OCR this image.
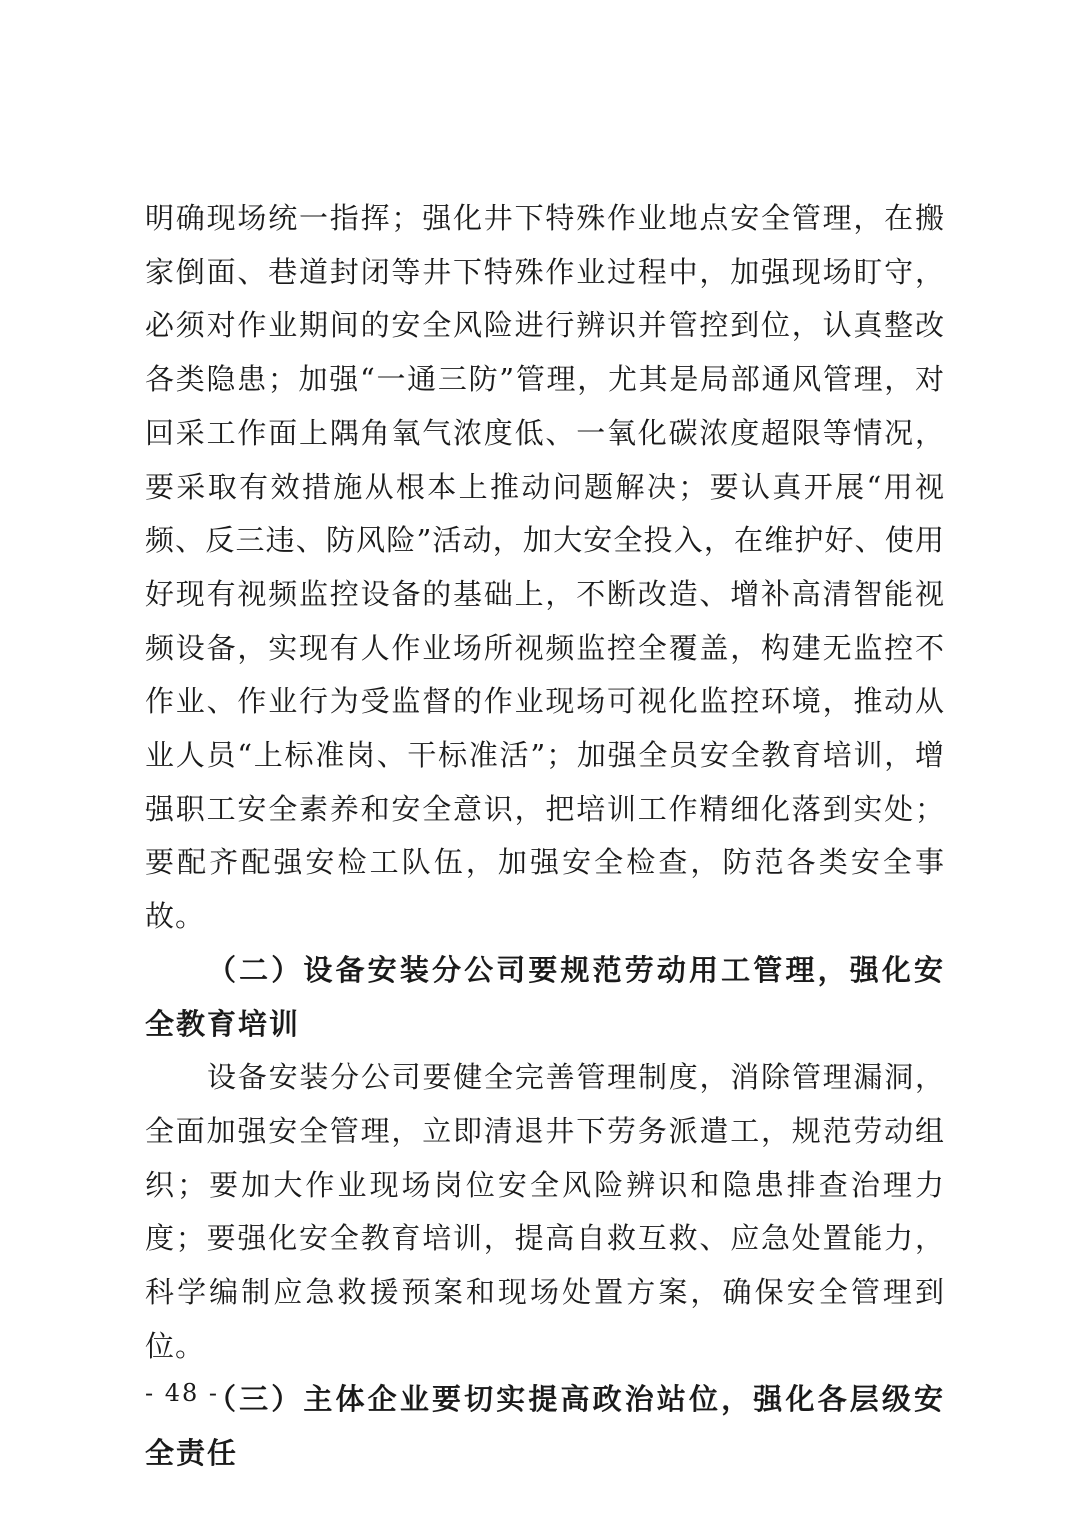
明确现场统一指挥；强化井下特殊作业地点安全管理，在搬家倒面、巷道封闭等井下特殊作业过程中，加强现场盯守，必须对作业期间的安全风险进行辨识并管控到位，认真整改各类隐患；加强“一通三防”管理，尤其是局部通风管理，对回采工作面上隅角氧气浓度低、一氧化碳浓度超限等情况，要采取有效措施从根本上推动问题解决；要认真开展“用视频、反三违、防风险”活动，加大安全投入，在维护好、使用好现有视频监控设备的基础上，不断改造、增补高清智能视频设备，实现有人作业场所视频监控全覆盖，构建无监控不作业、作业行为受监督的作业现场可视化监控环境，推动从业人员“上标准岗、干标准活”；加强全员安全教育培训，增强职工安全素养和安全意识，把培训工作精细化落到实处；要配齐配强安检工队伍，加强安全检查，防范各类安全事故。

（二）设备安装分公司要规范劳动用工管理，强化安全教育培训

设备安装分公司要健全完善管理制度，消除管理漏洞，全面加强安全管理，立即清退井下劳务派遣工，规范劳动组织；要加大作业现场岗位安全风险辨识和隐患排查治理力度；要强化安全教育培训，提高自救互救、应急处置能力，科学编制应急救援预案和现场处置方案，确保安全管理到位。

（三）主体企业要切实提高政治站位，强化各层级安全责任

- 48 -
